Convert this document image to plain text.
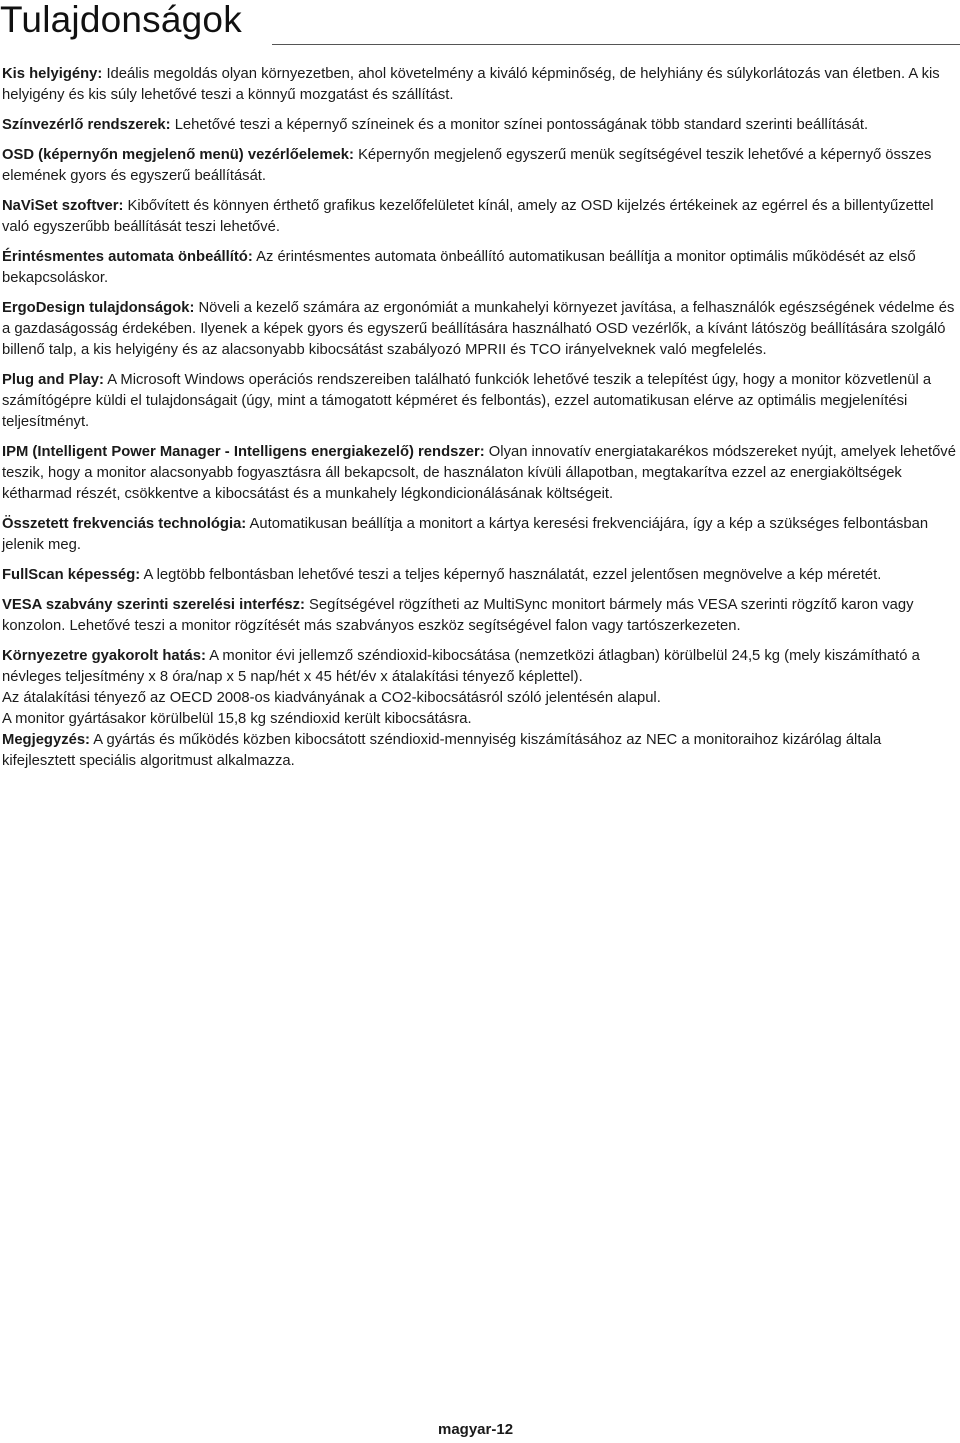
Tulajdonságok

Kis helyigény: Ideális megoldás olyan környezetben, ahol követelmény a kiváló képminőség, de helyhiány és súlykorlátozás van életben. A kis helyigény és kis súly lehetővé teszi a könnyű mozgatást és szállítást.

Színvezérlő rendszerek: Lehetővé teszi a képernyő színeinek és a monitor színei pontosságának több standard szerinti beállítását.

OSD (képernyőn megjelenő menü) vezérlőelemek: Képernyőn megjelenő egyszerű menük segítségével teszik lehetővé a képernyő összes elemének gyors és egyszerű beállítását.

NaViSet szoftver: Kibővített és könnyen érthető grafikus kezelőfelületet kínál, amely az OSD kijelzés értékeinek az egérrel és a billentyűzettel való egyszerűbb beállítását teszi lehetővé.

Érintésmentes automata önbeállító: Az érintésmentes automata önbeállító automatikusan beállítja a monitor optimális működését az első bekapcsoláskor.

ErgoDesign tulajdonságok: Növeli a kezelő számára az ergonómiát a munkahelyi környezet javítása, a felhasználók egészségének védelme és a gazdaságosság érdekében. Ilyenek a képek gyors és egyszerű beállítására használható OSD vezérlők, a kívánt látószög beállítására szolgáló billenő talp, a kis helyigény és az alacsonyabb kibocsátást szabályozó MPRII és TCO irányelveknek való megfelelés.

Plug and Play: A Microsoft Windows operációs rendszereiben található funkciók lehetővé teszik a telepítést úgy, hogy a monitor közvetlenül a számítógépre küldi el tulajdonságait (úgy, mint a támogatott képméret és felbontás), ezzel automatikusan elérve az optimális megjelenítési teljesítményt.

IPM (Intelligent Power Manager - Intelligens energiakezelő) rendszer: Olyan innovatív energiatakarékos módszereket nyújt, amelyek lehetővé teszik, hogy a monitor alacsonyabb fogyasztásra áll bekapcsolt, de használaton kívüli állapotban, megtakarítva ezzel az energiaköltségek kétharmad részét, csökkentve a kibocsátást és a munkahely légkondicionálásának költségeit.

Összetett frekvenciás technológia: Automatikusan beállítja a monitort a kártya keresési frekvenciájára, így a kép a szükséges felbontásban jelenik meg.

FullScan képesség: A legtöbb felbontásban lehetővé teszi a teljes képernyő használatát, ezzel jelentősen megnövelve a kép méretét.

VESA szabvány szerinti szerelési interfész: Segítségével rögzítheti az MultiSync monitort bármely más VESA szerinti rögzítő karon vagy konzolon. Lehetővé teszi a monitor rögzítését más szabványos eszköz segítségével falon vagy tartószerkezeten.

Környezetre gyakorolt hatás: A monitor évi jellemző széndioxid-kibocsátása (nemzetközi átlagban) körülbelül 24,5 kg (mely kiszámítható a névleges teljesítmény x 8 óra/nap x 5 nap/hét x 45 hét/év x átalakítási tényező képlettel).

Az átalakítási tényező az OECD 2008-os kiadványának a CO2-kibocsátásról szóló jelentésén alapul.

A monitor gyártásakor körülbelül 15,8 kg széndioxid került kibocsátásra.

Megjegyzés: A gyártás és működés közben kibocsátott széndioxid-mennyiség kiszámításához az NEC a monitoraihoz kizárólag általa kifejlesztett speciális algoritmust alkalmazza.

magyar-12
